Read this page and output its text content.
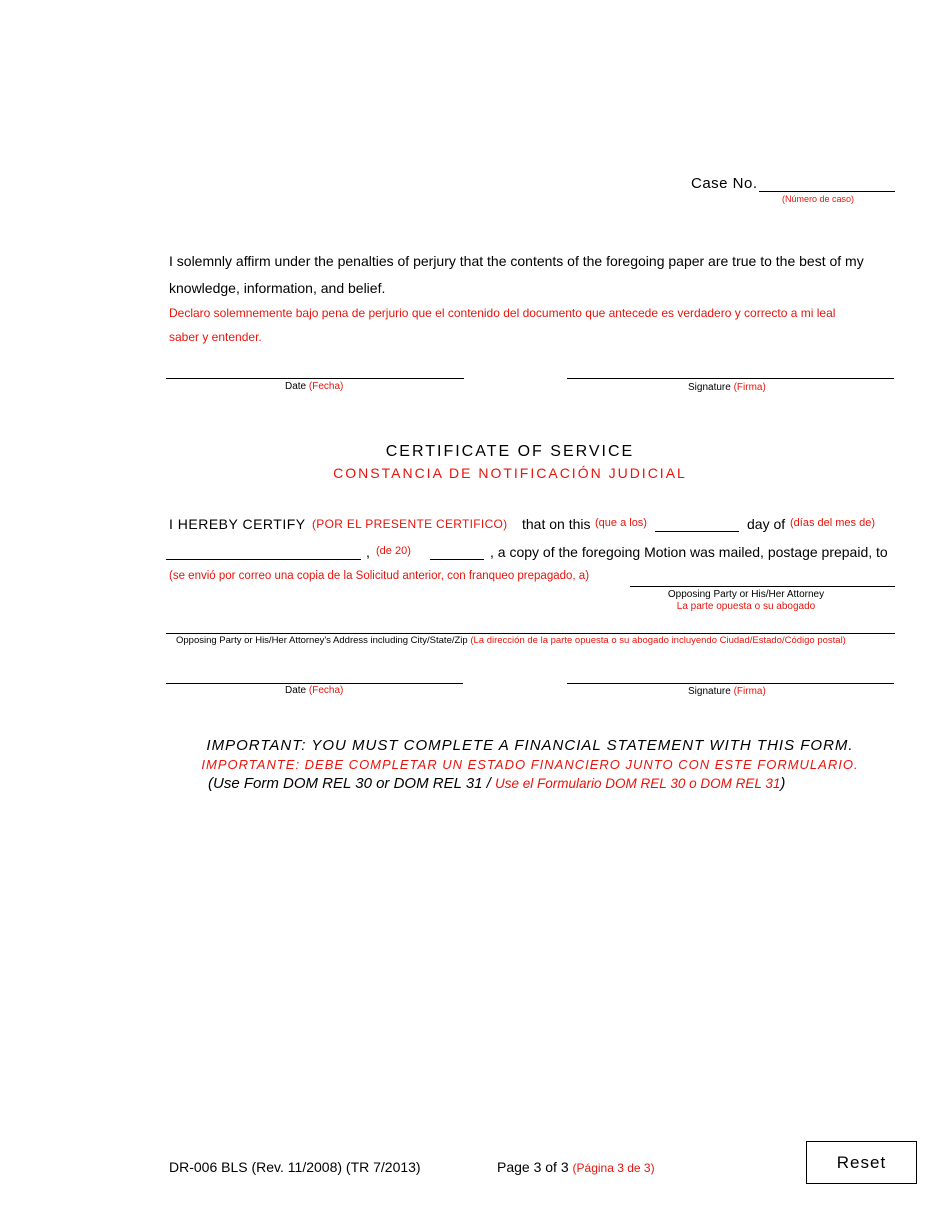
Case No.
(Número de caso)
I solemnly affirm under the penalties of perjury that the contents of the foregoing paper are true to the best of my
knowledge, information, and belief.
Declaro solemnemente bajo pena de perjurio que el contenido del documento que antecede es verdadero y correcto a mi leal
saber y entender.
Date (Fecha)	Signature (Firma)
CERTIFICATE OF SERVICE
CONSTANCIA DE NOTIFICACIÓN JUDICIAL
I HEREBY CERTIFY (POR EL PRESENTE CERTIFICO) that on this (que a los)	day of (días del mes de)
, (de 20)	, a copy of the foregoing Motion was mailed, postage prepaid, to
(se envió por correo una copia de la Solicitud anterior, con franqueo prepagado, a)
Opposing Party or His/Her Attorney
La parte opuesta o su abogado
Opposing Party or His/Her Attorney's Address including City/State/Zip (La dirección de la parte opuesta o su abogado incluyendo Ciudad/Estado/Código postal)
Date (Fecha)	Signature (Firma)
IMPORTANT: YOU MUST COMPLETE A FINANCIAL STATEMENT WITH THIS FORM.
IMPORTANTE: DEBE COMPLETAR UN ESTADO FINANCIERO JUNTO CON ESTE FORMULARIO.
(Use Form DOM REL 30 or DOM REL 31 / Use el Formulario DOM REL 30 o DOM REL 31)
DR-006 BLS (Rev. 11/2008) (TR 7/2013)	Page 3 of 3 (Página 3 de 3)	Reset
